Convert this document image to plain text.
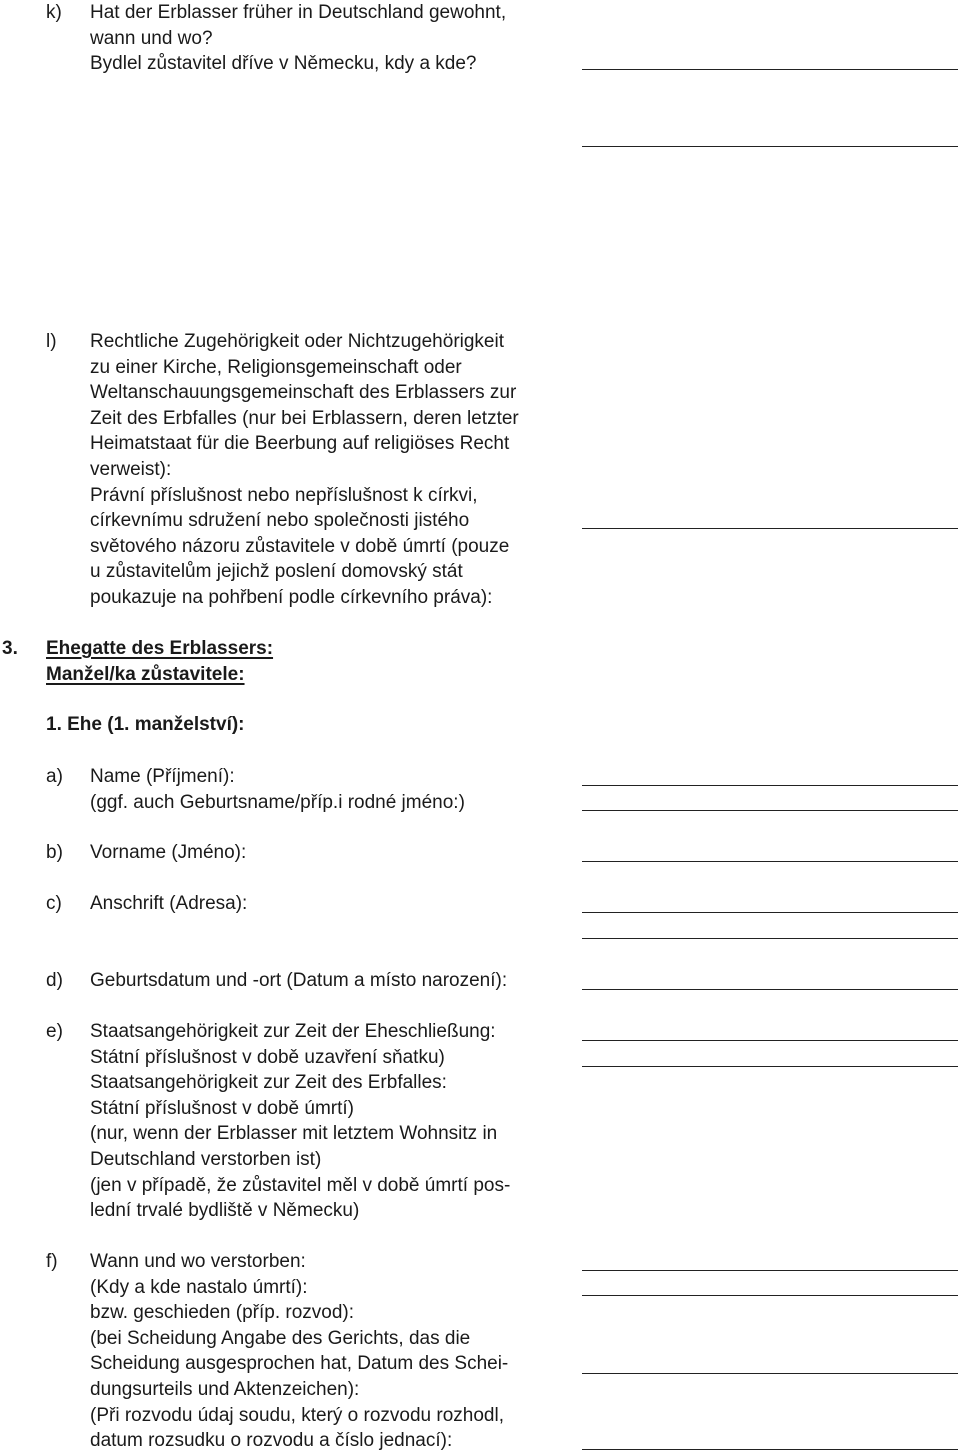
k) Hat der Erblasser früher in Deutschland gewohnt,
wann und wo?
Bydlel zůstavitel dříve v Německu, kdy a kde?
l) Rechtliche Zugehörigkeit oder Nichtzugehörigkeit
zu einer Kirche, Religionsgemeinschaft oder
Weltanschauungsgemeinschaft des Erblassers zur
Zeit des Erbfalles (nur bei Erblassern, deren letzter
Heimatstaat für die Beerbung auf religiöses Recht
verweist):
Právní příslušnost nebo nepříslušnost k církvi,
církevnímu sdružení nebo společnosti jistého
světového názoru zůstavitele v době úmrtí (pouze
u zůstavitelům jejichž poslení domovský stát
poukazuje na pohřbení podle církevního práva):
3. Ehegatte des Erblassers:
Manžel/ka zůstavitele:
1. Ehe (1. manželství):
a) Name (Příjmení):
(ggf. auch Geburtsname/příp.i rodné jméno:)
b) Vorname (Jméno):
c) Anschrift (Adresa):
d) Geburtsdatum und -ort (Datum a místo narození):
e) Staatsangehörigkeit zur Zeit der Eheschließung:
Státní příslušnost v době uzavření sňatku)
Staatsangehörigkeit zur Zeit des Erbfalles:
Státní příslušnost v době úmrtí)
(nur, wenn der Erblasser mit letztem Wohnsitz in
Deutschland verstorben ist)
(jen v případě, že zůstavitel měl v době úmrtí pos-
lední trvalé bydliště v Německu)
f) Wann und wo verstorben:
(Kdy a kde nastalo úmrtí):
bzw. geschieden (příp. rozvod):
(bei Scheidung Angabe des Gerichts, das die
Scheidung ausgesprochen hat, Datum des Schei-
dungsurteils und Aktenzeichen):
(Při rozvodu údaj soudu, který o rozvodu rozhodl,
datum rozsudku o rozvodu a číslo jednací):
